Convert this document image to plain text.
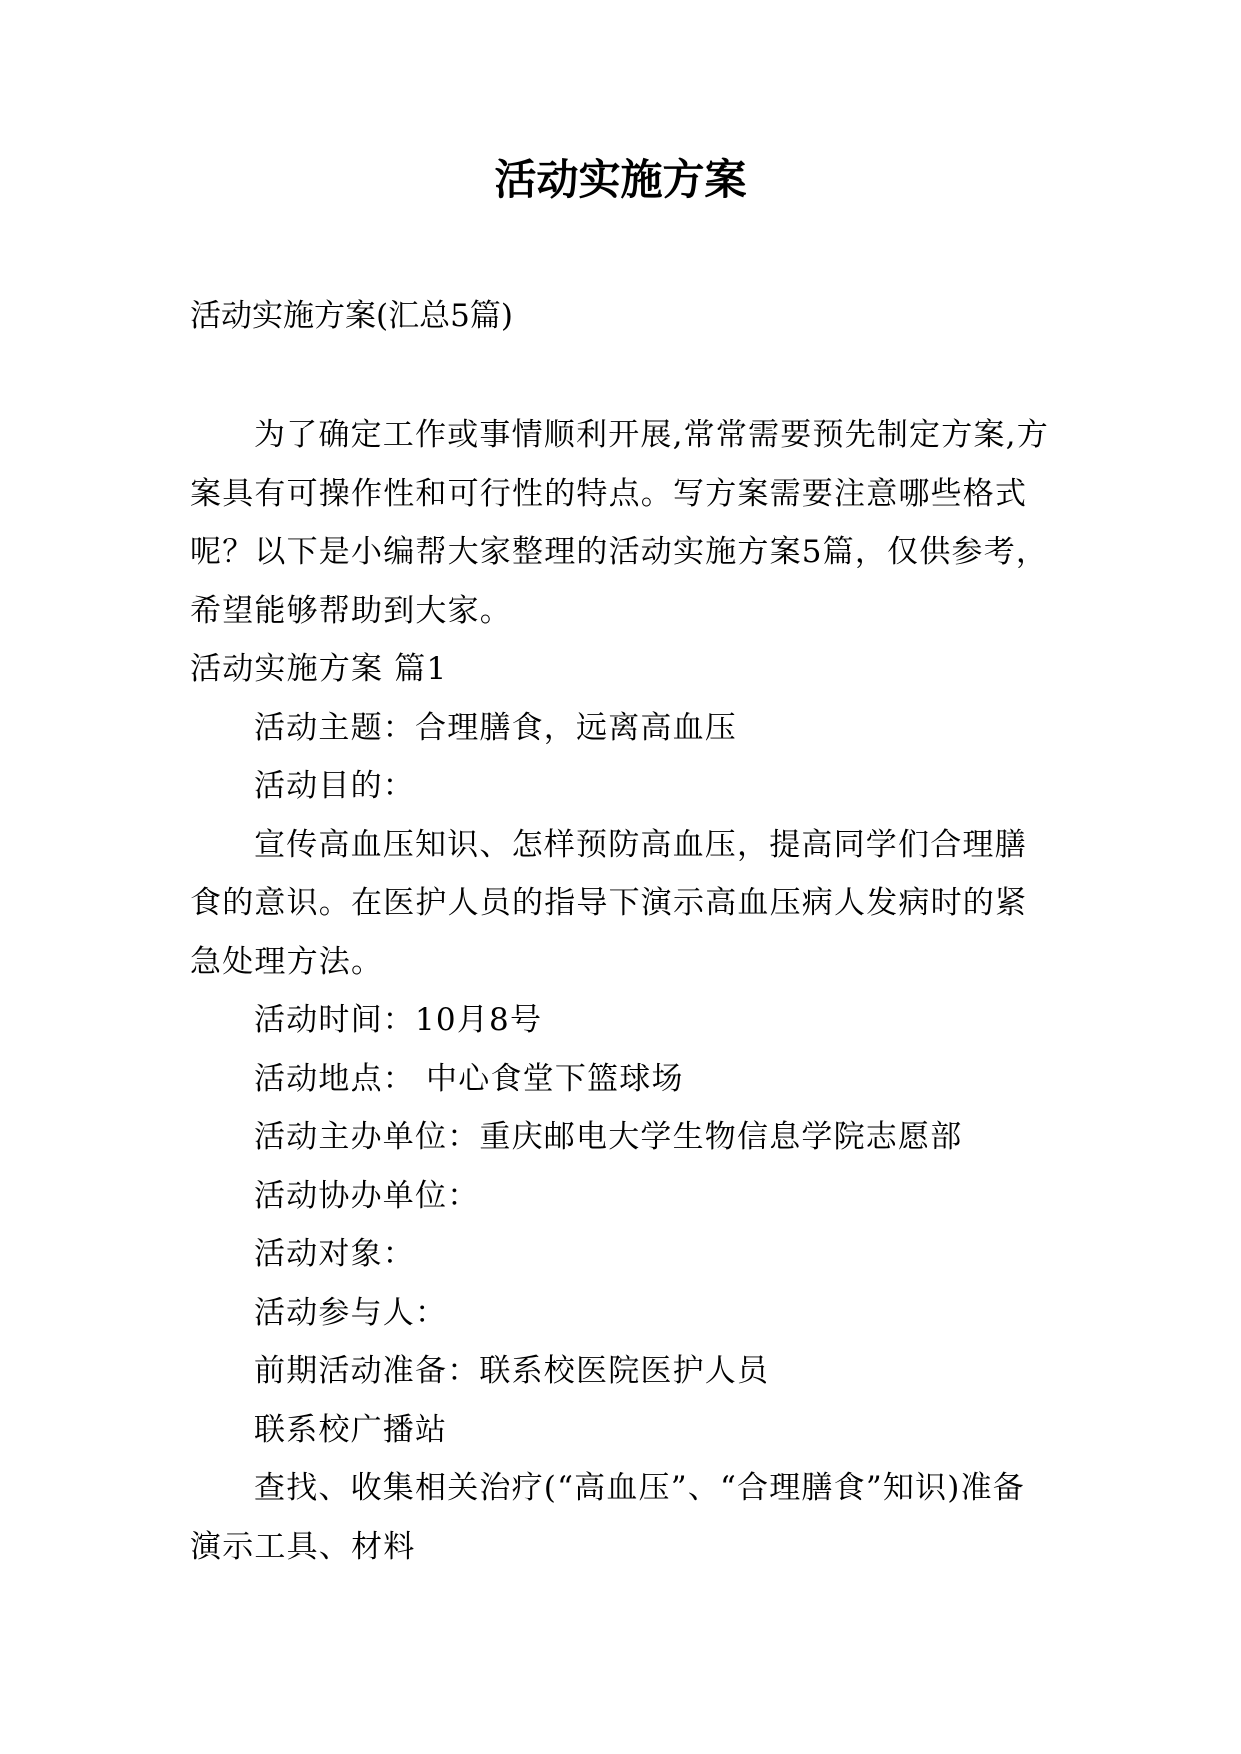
活动实施方案

活动实施方案(汇总5篇)

为了确定工作或事情顺利开展,常常需要预先制定方案,方案具有可操作性和可行性的特点。写方案需要注意哪些格式呢？以下是小编帮大家整理的活动实施方案5篇，仅供参考，希望能够帮助到大家。

活动实施方案 篇1

活动主题：合理膳食，远离高血压

活动目的：

宣传高血压知识、怎样预防高血压，提高同学们合理膳食的意识。在医护人员的指导下演示高血压病人发病时的紧急处理方法。

活动时间：10月8号

活动地点： 中心食堂下篮球场

活动主办单位：重庆邮电大学生物信息学院志愿部

活动协办单位：

活动对象：

活动参与人：

前期活动准备：联系校医院医护人员

联系校广播站

查找、收集相关治疗(“高血压”、“合理膳食”知识)准备演示工具、材料
